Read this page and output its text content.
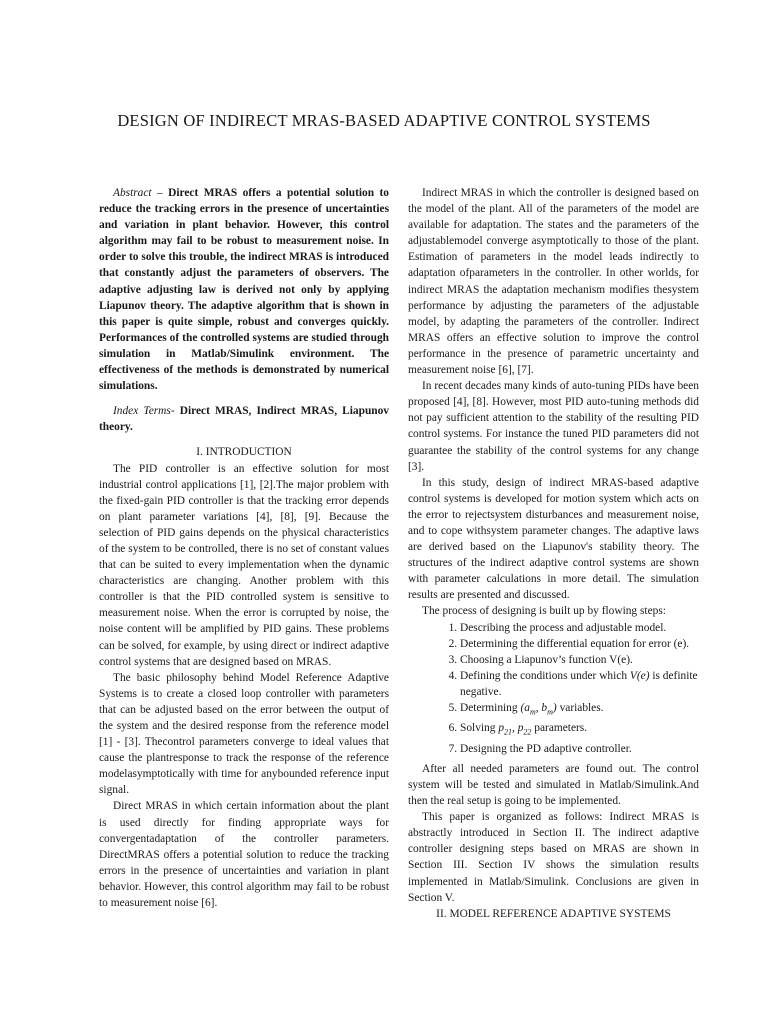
DESIGN OF INDIRECT MRAS-BASED ADAPTIVE CONTROL SYSTEMS

Abstract – Direct MRAS offers a potential solution to reduce the tracking errors in the presence of uncertainties and variation in plant behavior. However, this control algorithm may fail to be robust to measurement noise. In order to solve this trouble, the indirect MRAS is introduced that constantly adjust the parameters of observers. The adaptive adjusting law is derived not only by applying Liapunov theory. The adaptive algorithm that is shown in this paper is quite simple, robust and converges quickly. Performances of the controlled systems are studied through simulation in Matlab/Simulink environment. The effectiveness of the methods is demonstrated by numerical simulations.

Index Terms- Direct MRAS, Indirect MRAS, Liapunov theory.

I. INTRODUCTION

The PID controller is an effective solution for most industrial control applications [1], [2].The major problem with the fixed-gain PID controller is that the tracking error depends on plant parameter variations [4], [8], [9]. Because the selection of PID gains depends on the physical characteristics of the system to be controlled, there is no set of constant values that can be suited to every implementation when the dynamic characteristics are changing. Another problem with this controller is that the PID controlled system is sensitive to measurement noise. When the error is corrupted by noise, the noise content will be amplified by PID gains. These problems can be solved, for example, by using direct or indirect adaptive control systems that are designed based on MRAS.

The basic philosophy behind Model Reference Adaptive Systems is to create a closed loop controller with parameters that can be adjusted based on the error between the output of the system and the desired response from the reference model [1] - [3]. Thecontrol parameters converge to ideal values that cause the plantresponse to track the response of the reference modelasymptotically with time for anybounded reference input signal.

Direct MRAS in which certain information about the plant is used directly for finding appropriate ways for convergentadaptation of the controller parameters. DirectMRAS offers a potential solution to reduce the tracking errors in the presence of uncertainties and variation in plant behavior. However, this control algorithm may fail to be robust to measurement noise [6].

Indirect MRAS in which the controller is designed based on the model of the plant. All of the parameters of the model are available for adaptation. The states and the parameters of the adjustablemodel converge asymptotically to those of the plant. Estimation of parameters in the model leads indirectly to adaptation ofparameters in the controller. In other worlds, for indirect MRAS the adaptation mechanism modifies thesystem performance by adjusting the parameters of the adjustable model, by adapting the parameters of the controller. Indirect MRAS offers an effective solution to improve the control performance in the presence of parametric uncertainty and measurement noise [6], [7].

In recent decades many kinds of auto-tuning PIDs have been proposed [4], [8]. However, most PID auto-tuning methods did not pay sufficient attention to the stability of the resulting PID control systems. For instance the tuned PID parameters did not guarantee the stability of the control systems for any change [3].

In this study, design of indirect MRAS-based adaptive control systems is developed for motion system which acts on the error to rejectsystem disturbances and measurement noise, and to cope withsystem parameter changes. The adaptive laws are derived based on the Liapunov's stability theory. The structures of the indirect adaptive control systems are shown with parameter calculations in more detail. The simulation results are presented and discussed.

The process of designing is built up by flowing steps:

1. Describing the process and adjustable model.
2. Determining the differential equation for error (e).
3. Choosing a Liapunov’s function V(e).
4. Defining the conditions under which V(e) is definite negative.
5. Determining ($a_m$, $b_m$) variables.
6. Solving $p_{21}$, $p_{22}$ parameters.
7. Designing the PD adaptive controller.

After all needed parameters are found out. The control system will be tested and simulated in Matlab/Simulink.And then the real setup is going to be implemented.

This paper is organized as follows: Indirect MRAS is abstractly introduced in Section II. The indirect adaptive controller designing steps based on MRAS are shown in Section III. Section IV shows the simulation results implemented in Matlab/Simulink. Conclusions are given in Section V.

II. MODEL REFERENCE ADAPTIVE SYSTEMS
